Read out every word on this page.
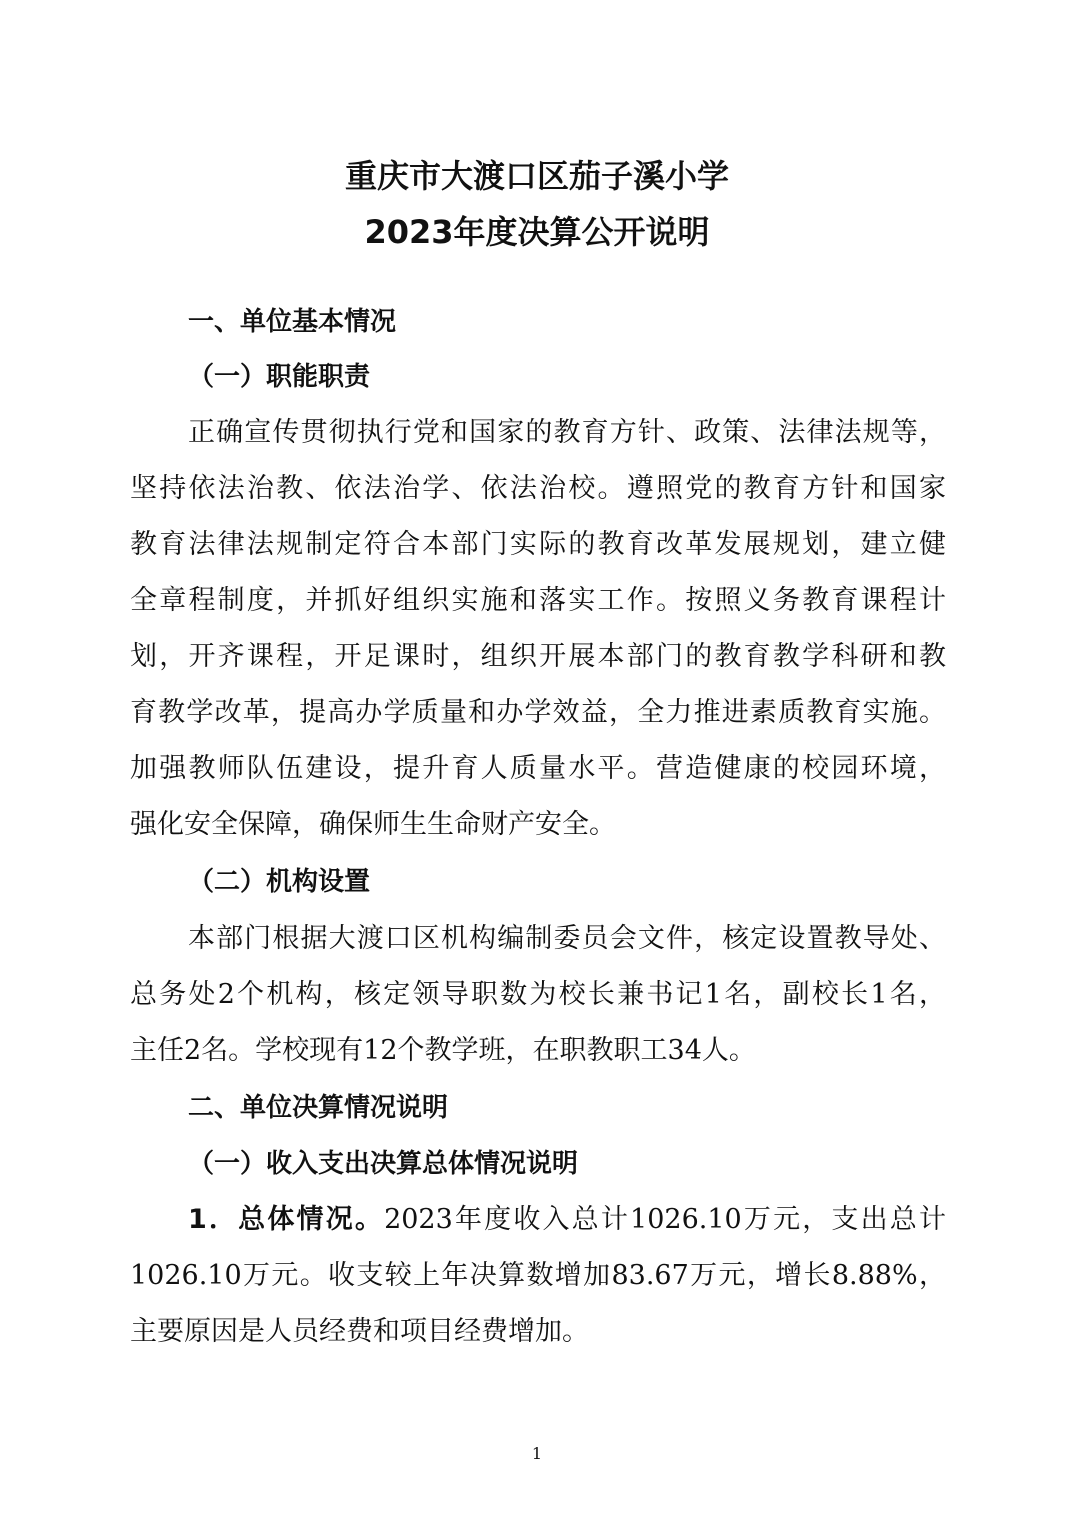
重庆市大渡口区茄子溪小学
2023年度决算公开说明
一、单位基本情况
（一）职能职责
正确宣传贯彻执行党和国家的教育方针、政策、法律法规等，
坚持依法治教、依法治学、依法治校。遵照党的教育方针和国家
教育法律法规制定符合本部门实际的教育改革发展规划，建立健
全章程制度，并抓好组织实施和落实工作。按照义务教育课程计
划，开齐课程，开足课时，组织开展本部门的教育教学科研和教
育教学改革，提高办学质量和办学效益，全力推进素质教育实施。
加强教师队伍建设，提升育人质量水平。营造健康的校园环境，
强化安全保障，确保师生生命财产安全。
（二）机构设置
本部门根据大渡口区机构编制委员会文件，核定设置教导处、
总务处2个机构，核定领导职数为校长兼书记1名，副校长1名，
主任2名。学校现有12个教学班，在职教职工34人。
二、单位决算情况说明
（一）收入支出决算总体情况说明
1．总体情况。2023年度收入总计1026.10万元，支出总计
1026.10万元。收支较上年决算数增加83.67万元，增长8.88%，
主要原因是人员经费和项目经费增加。
1
